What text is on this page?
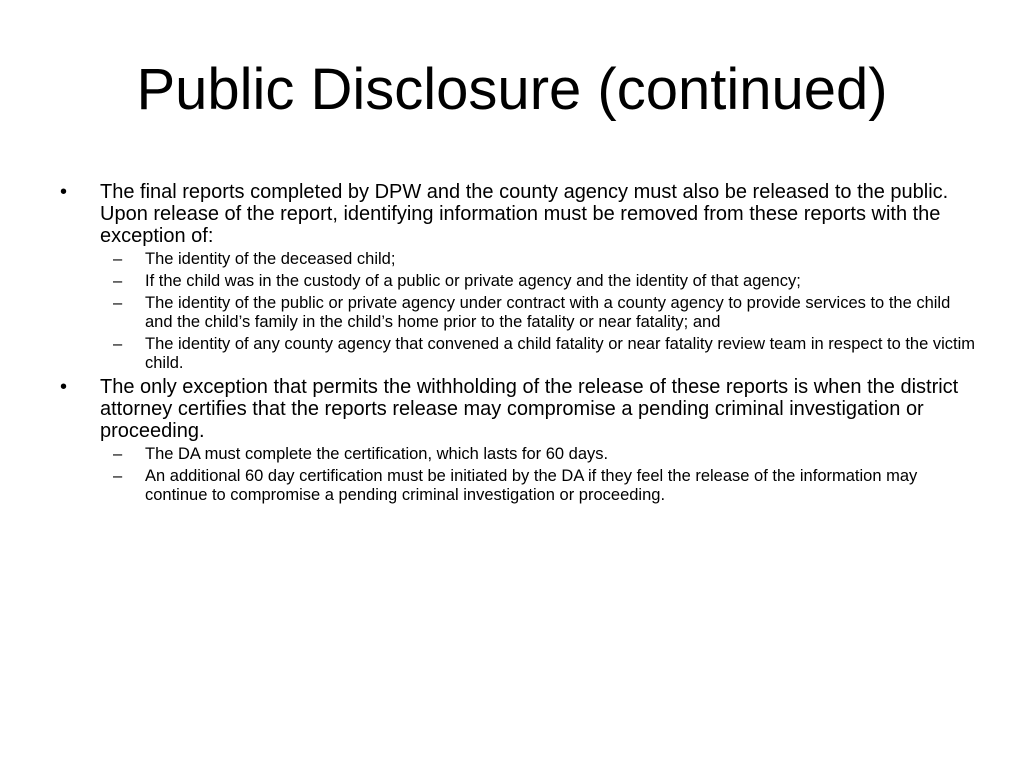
Public Disclosure (continued)
•	The final reports completed by DPW and the county agency must also be released to the public. Upon release of the report, identifying information must be removed from these reports with the exception of:
– The identity of the deceased child;
– If the child was in the custody of a public or private agency and the identity of that agency;
– The identity of the public or private agency under contract with a county agency to provide services to the child and the child’s family in the child’s home prior to the fatality or near fatality; and
– The identity of any county agency that convened a child fatality or near fatality review team in respect to the victim child.
•	The only exception that permits the withholding of the release of these reports is when the district attorney certifies that the reports release may compromise a pending criminal investigation or proceeding.
– The DA must complete the certification, which lasts for 60 days.
– An additional 60 day certification must be initiated by the DA if they feel the release of the information may continue to compromise a pending criminal investigation or proceeding.
